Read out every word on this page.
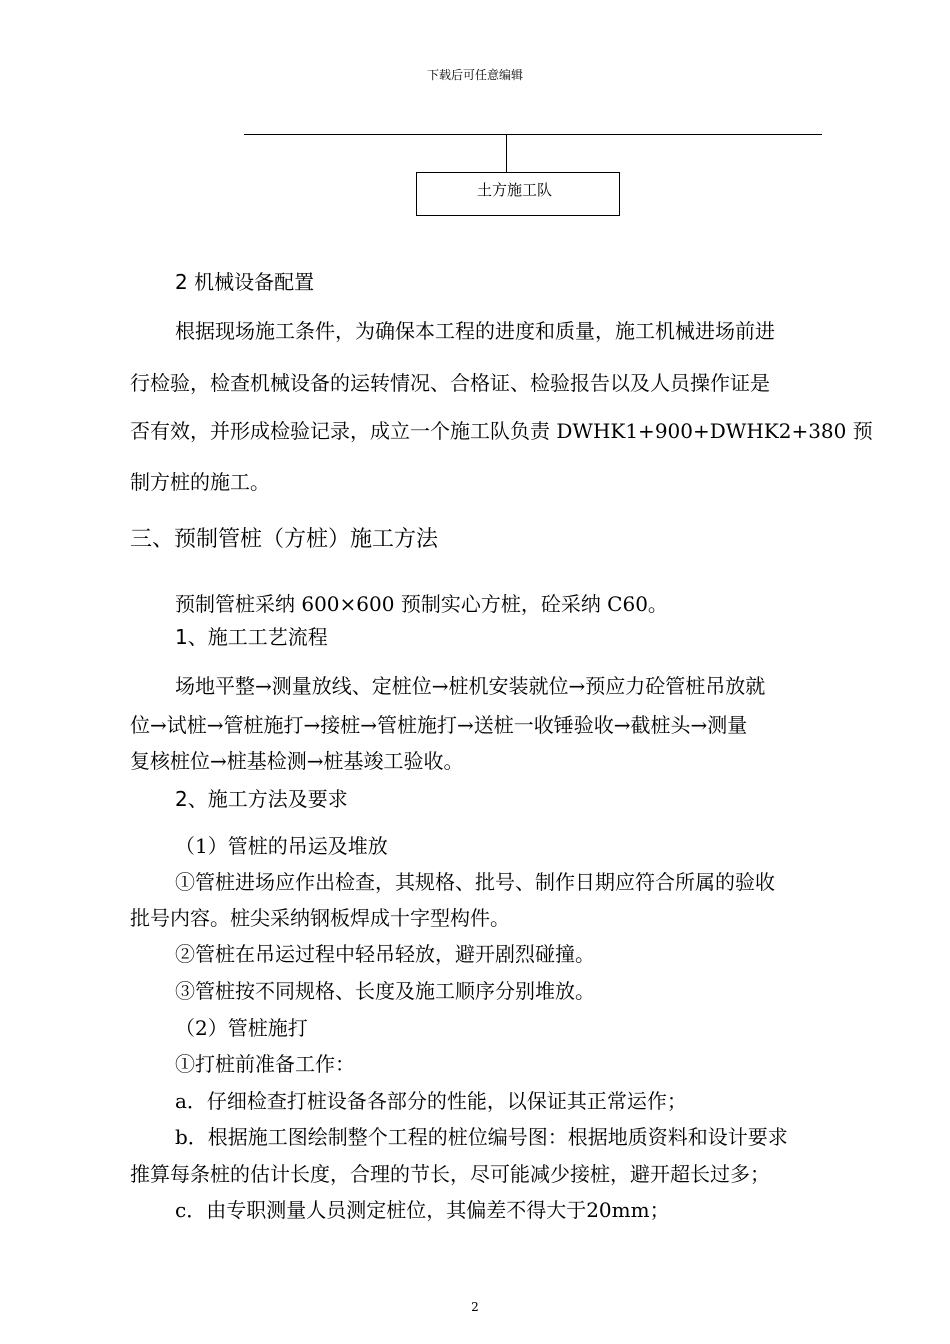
下载后可任意编辑
土方施工队
2 机械设备配置
根据现场施工条件，为确保本工程的进度和质量，施工机械进场前进
行检验，检查机械设备的运转情况、合格证、检验报告以及人员操作证是
否有效，并形成检验记录，成立一个施工队负责 DWHK1+900+DWHK2+380 预
制方桩的施工。
三、预制管桩（方桩）施工方法
预制管桩采纳 600×600 预制实心方桩，砼采纳 C60。
1、施工工艺流程
场地平整→测量放线、定桩位→桩机安装就位→预应力砼管桩吊放就
位→试桩→管桩施打→接桩→管桩施打→送桩一收锤验收→截桩头→测量
复核桩位→桩基检测→桩基竣工验收。
2、施工方法及要求
（1）管桩的吊运及堆放
①管桩进场应作出检查，其规格、批号、制作日期应符合所属的验收
批号内容。桩尖采纳钢板焊成十字型构件。
②管桩在吊运过程中轻吊轻放，避开剧烈碰撞。
③管桩按不同规格、长度及施工顺序分别堆放。
（2）管桩施打
①打桩前准备工作：
a．仔细检查打桩设备各部分的性能，以保证其正常运作；
b．根据施工图绘制整个工程的桩位编号图：根据地质资料和设计要求
推算每条桩的估计长度，合理的节长，尽可能减少接桩，避开超长过多；
c．由专职测量人员测定桩位，其偏差不得大于20mm；
2
